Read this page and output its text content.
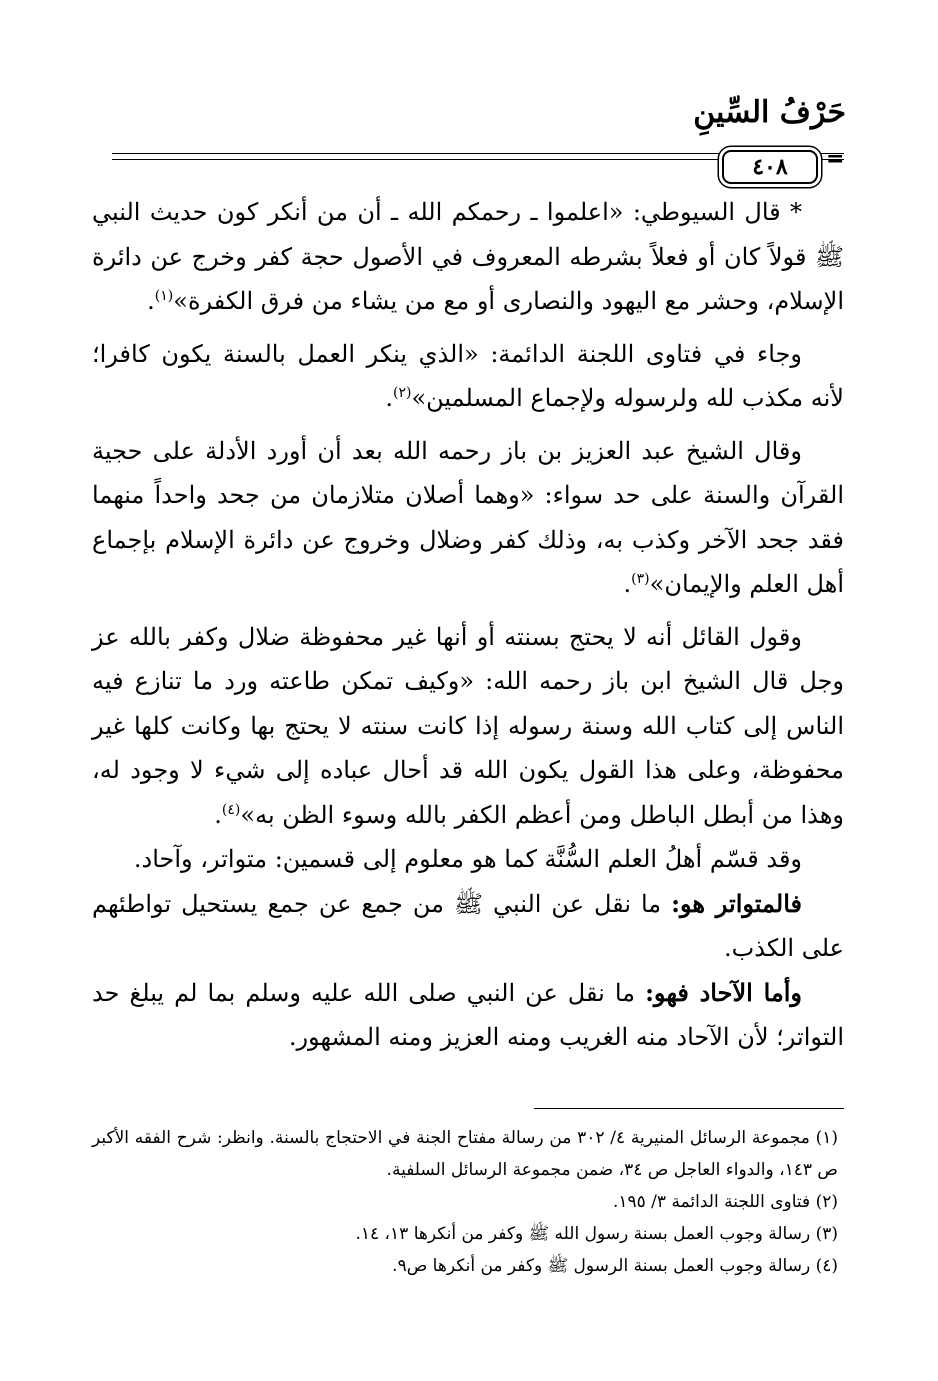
حَرْفُ السِّينِ
٤٠٨	=

* قال السيوطي: «اعلموا ـ رحمكم الله ـ أن من أنكر كون حديث النبي ﷺ قولاً كان أو فعلاً بشرطه المعروف في الأصول حجة كفر وخرج عن دائرة الإسلام، وحشر مع اليهود والنصارى أو مع من يشاء من فرق الكفرة»$^{(١)}$.

وجاء في فتاوى اللجنة الدائمة: «الذي ينكر العمل بالسنة يكون كافرا؛ لأنه مكذب لله ولرسوله ولإجماع المسلمين»$^{(٢)}$.

وقال الشيخ عبد العزيز بن باز رحمه الله بعد أن أورد الأدلة على حجية القرآن والسنة على حد سواء: «وهما أصلان متلازمان من جحد واحداً منهما فقد جحد الآخر وكذب به، وذلك كفر وضلال وخروج عن دائرة الإسلام بإجماع أهل العلم والإيمان»$^{(٣)}$.

وقول القائل أنه لا يحتج بسنته أو أنها غير محفوظة ضلال وكفر بالله عز وجل قال الشيخ ابن باز رحمه الله: «وكيف تمكن طاعته ورد ما تنازع فيه الناس إلى كتاب الله وسنة رسوله إذا كانت سنته لا يحتج بها وكانت كلها غير محفوظة، وعلى هذا القول يكون الله قد أحال عباده إلى شيء لا وجود له، وهذا من أبطل الباطل ومن أعظم الكفر بالله وسوء الظن به»$^{(٤)}$.

وقد قسّم أهلُ العلم السُّنَّة كما هو معلوم إلى قسمين: متواتر، وآحاد.

فالمتواتر هو: ما نقل عن النبي ﷺ من جمع عن جمع يستحيل تواطئهم على الكذب.

وأما الآحاد فهو: ما نقل عن النبي صلى الله عليه وسلم بما لم يبلغ حد التواتر؛ لأن الآحاد منه الغريب ومنه العزيز ومنه المشهور.

(١) مجموعة الرسائل المنيرية ٤/ ٣٠٢ من رسالة مفتاح الجنة في الاحتجاج بالسنة. وانظر: شرح الفقه الأكبر ص ١٤٣، والدواء العاجل ص ٣٤، ضمن مجموعة الرسائل السلفية.

(٢) فتاوى اللجنة الدائمة ٣/ ١٩٥.

(٣) رسالة وجوب العمل بسنة رسول الله ﷺ وكفر من أنكرها ١٣، ١٤.

(٤) رسالة وجوب العمل بسنة الرسول ﷺ وكفر من أنكرها ص٩.
